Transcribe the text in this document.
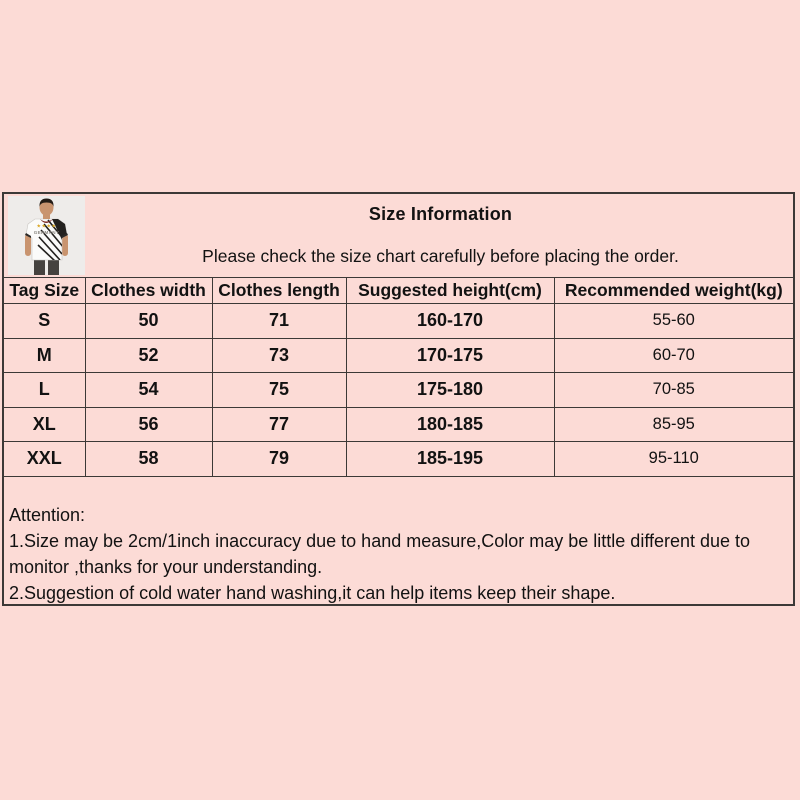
★★★★
GERMANY
Size Information
Please check the size chart carefully before placing the order.
Tag Size	Clothes width	Clothes length	Suggested height(cm)	Recommended weight(kg)
S	50	71	160-170	55-60
M	52	73	170-175	60-70
L	54	75	175-180	70-85
XL	56	77	180-185	85-95
XXL	58	79	185-195	95-110
Attention:
1.Size may be 2cm/1inch inaccuracy due to hand measure,Color may be little different due to
monitor ,thanks for your understanding.
2.Suggestion of cold water hand washing,it can help items keep their shape.
